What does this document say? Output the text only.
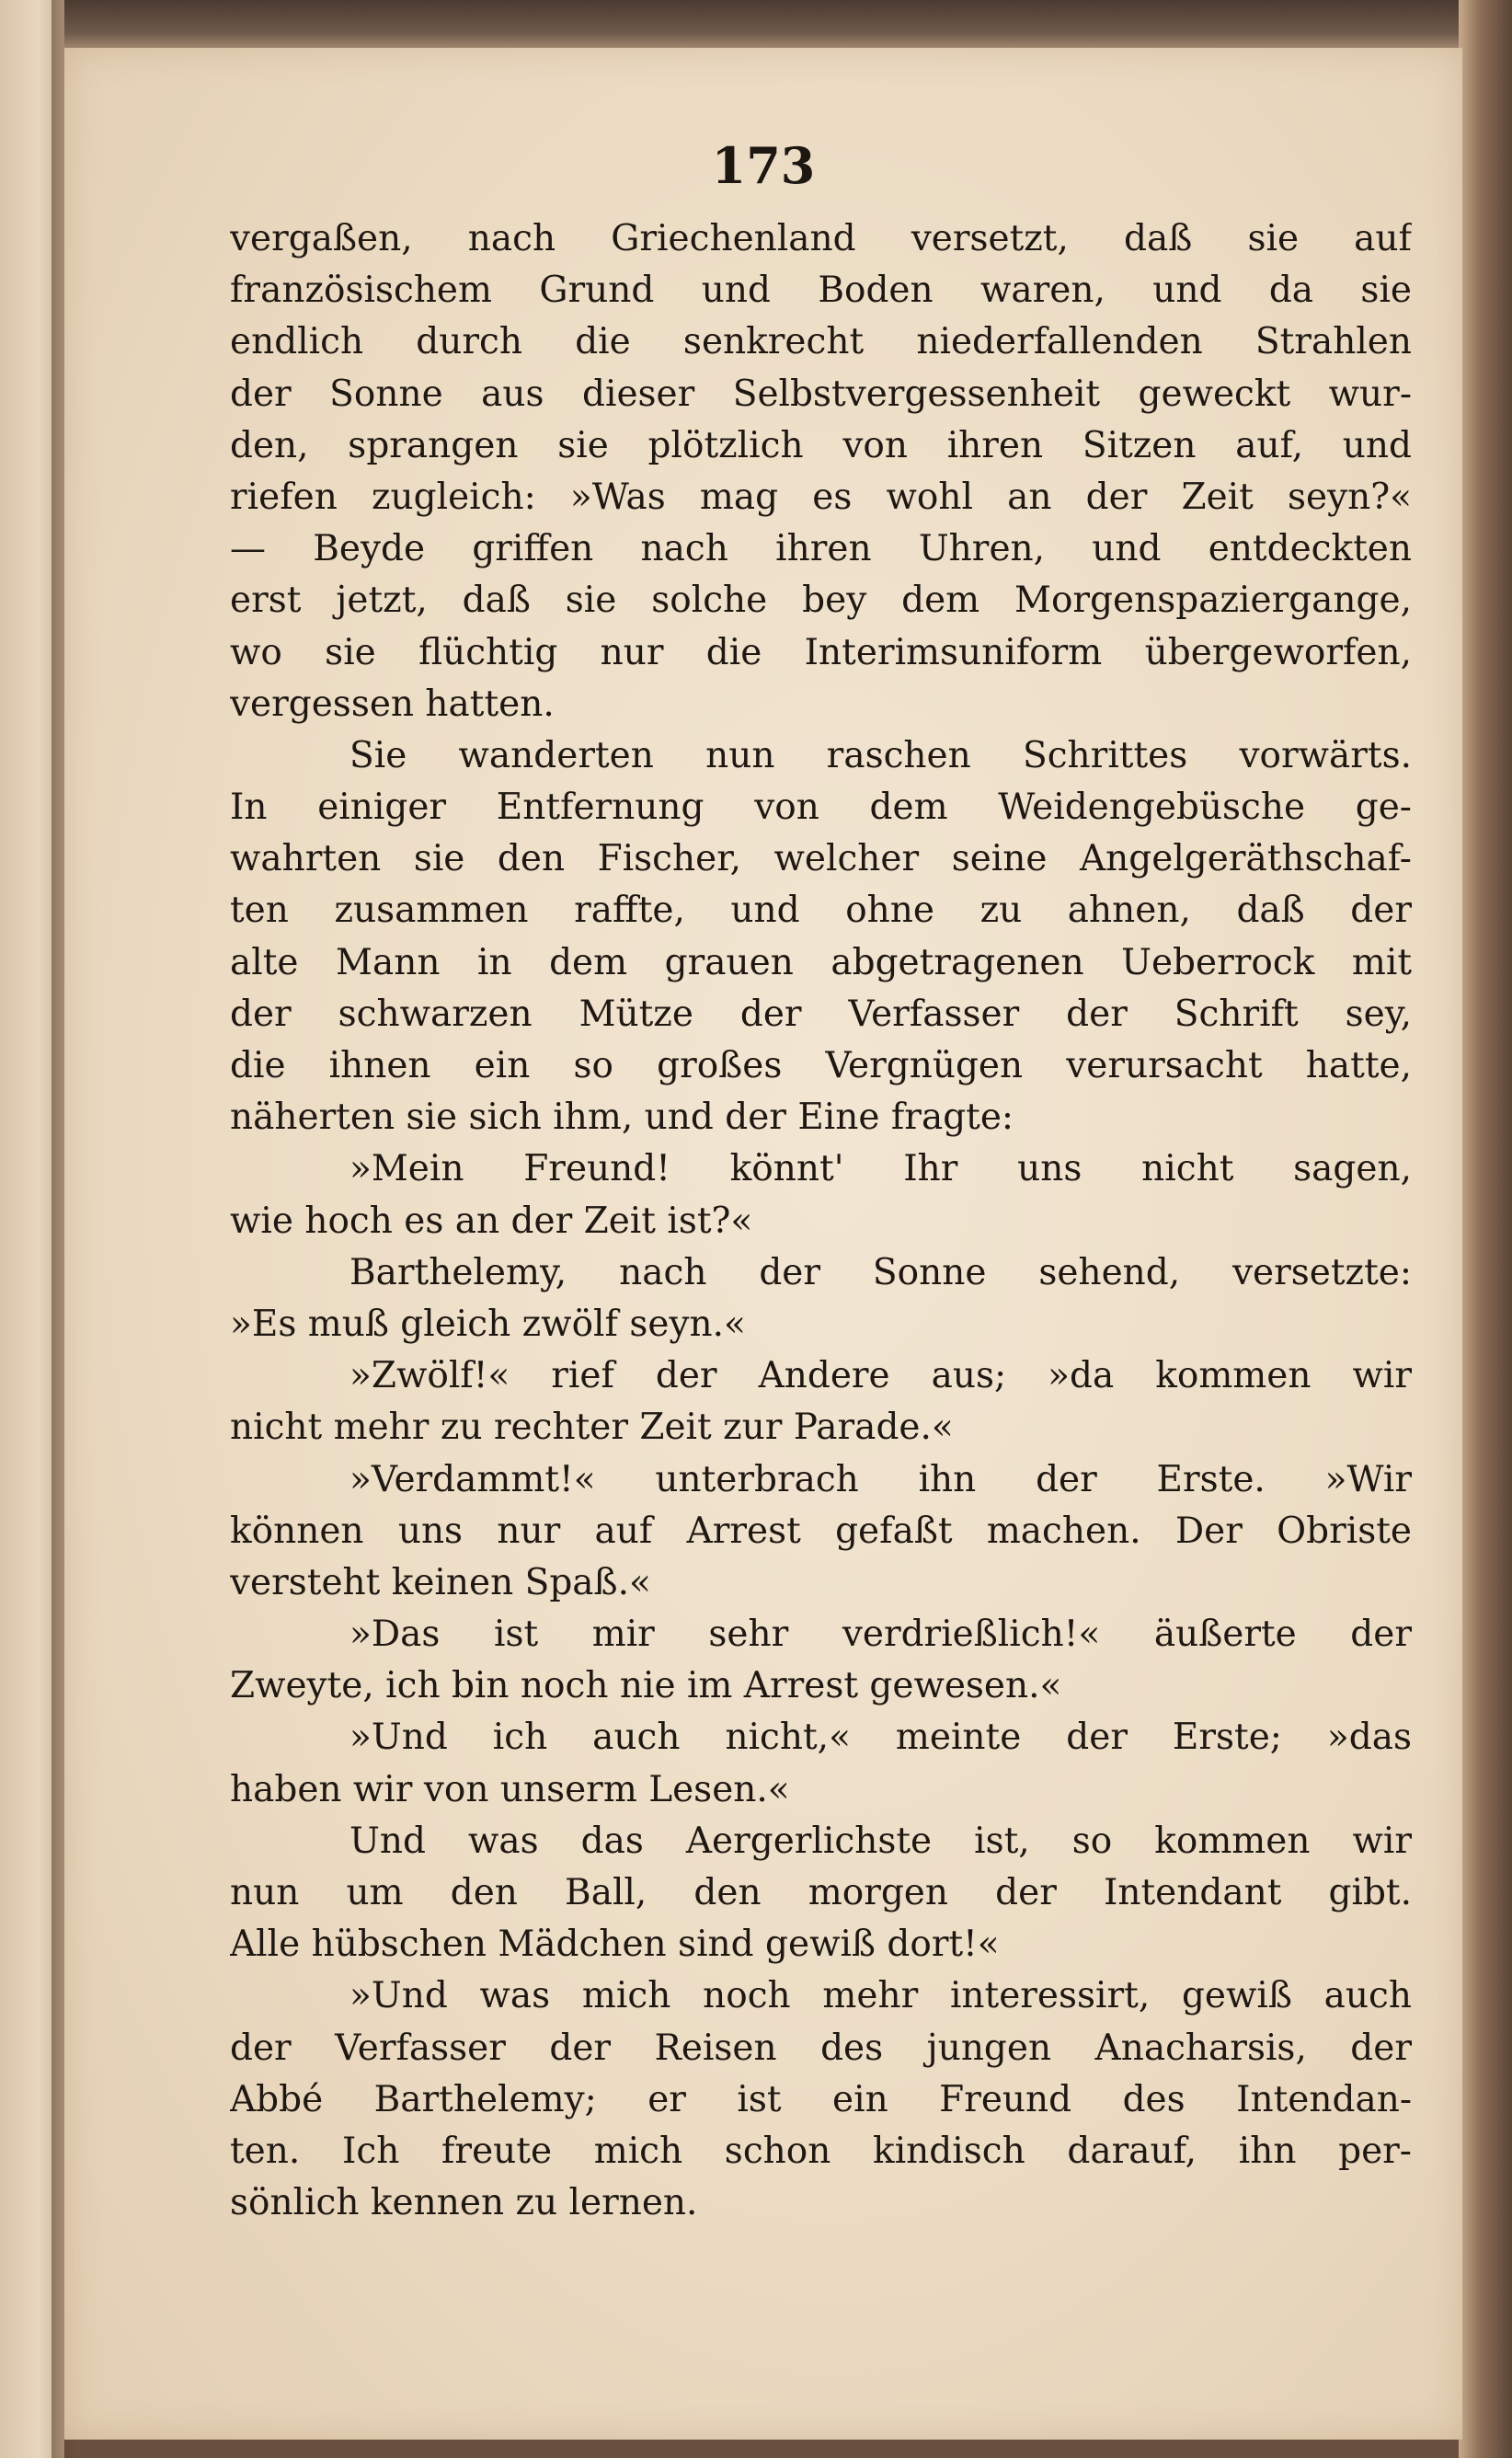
173
vergaßen, nach Griechenland versetzt, daß sie auf
französischem Grund und Boden waren, und da sie
endlich durch die senkrecht niederfallenden Strahlen
der Sonne aus dieser Selbstvergessenheit geweckt wur-
den, sprangen sie plötzlich von ihren Sitzen auf, und
riefen zugleich: »Was mag es wohl an der Zeit seyn?«
— Beyde griffen nach ihren Uhren, und entdeckten
erst jetzt, daß sie solche bey dem Morgenspaziergange,
wo sie flüchtig nur die Interimsuniform übergeworfen,
vergessen hatten.
Sie wanderten nun raschen Schrittes vorwärts.
In einiger Entfernung von dem Weidengebüsche ge-
wahrten sie den Fischer, welcher seine Angelgeräthschaf-
ten zusammen raffte, und ohne zu ahnen, daß der
alte Mann in dem grauen abgetragenen Ueberrock mit
der schwarzen Mütze der Verfasser der Schrift sey,
die ihnen ein so großes Vergnügen verursacht hatte,
näherten sie sich ihm, und der Eine fragte:
»Mein Freund! könnt' Ihr uns nicht sagen,
wie hoch es an der Zeit ist?«
Barthelemy, nach der Sonne sehend, versetzte:
»Es muß gleich zwölf seyn.«
»Zwölf!« rief der Andere aus; »da kommen wir
nicht mehr zu rechter Zeit zur Parade.«
»Verdammt!« unterbrach ihn der Erste. »Wir
können uns nur auf Arrest gefaßt machen. Der Obriste
versteht keinen Spaß.«
»Das ist mir sehr verdrießlich!« äußerte der
Zweyte, ich bin noch nie im Arrest gewesen.«
»Und ich auch nicht,« meinte der Erste; »das
haben wir von unserm Lesen.«
Und was das Aergerlichste ist, so kommen wir
nun um den Ball, den morgen der Intendant gibt.
Alle hübschen Mädchen sind gewiß dort!«
»Und was mich noch mehr interessirt, gewiß auch
der Verfasser der Reisen des jungen Anacharsis, der
Abbé Barthelemy; er ist ein Freund des Intendan-
ten. Ich freute mich schon kindisch darauf, ihn per-
sönlich kennen zu lernen.
